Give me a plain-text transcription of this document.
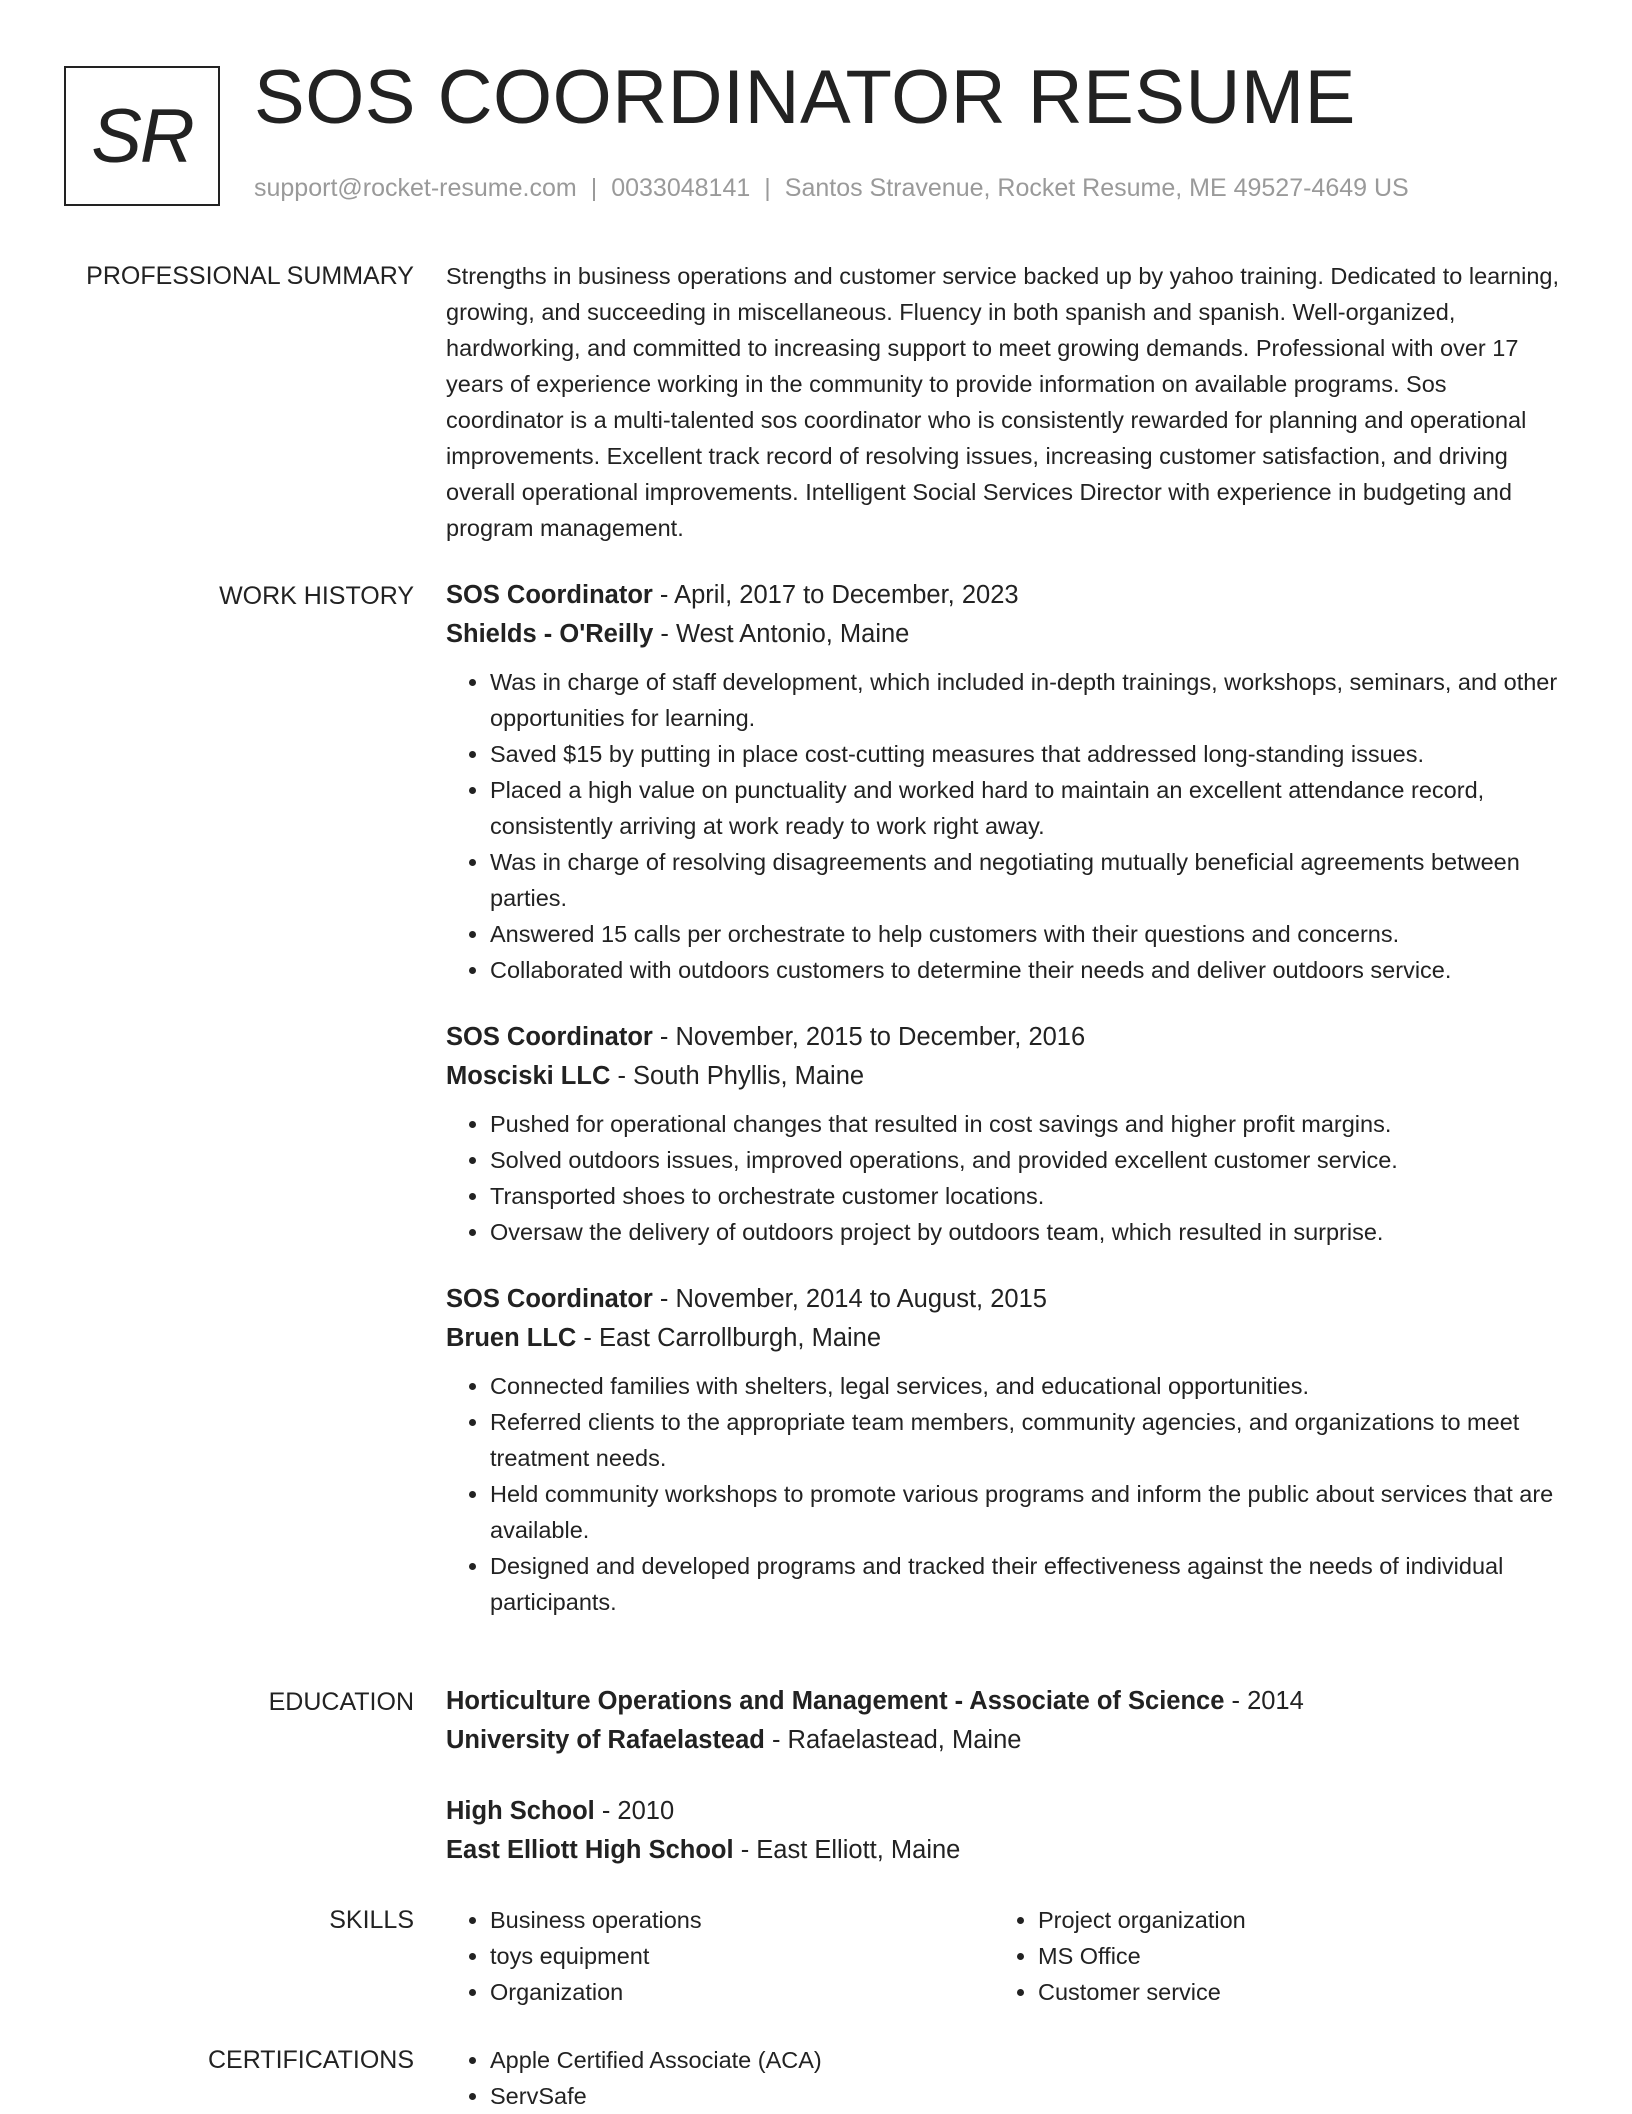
SR SOS COORDINATOR RESUME
support@rocket-resume.com | 0033048141 | Santos Stravenue, Rocket Resume, ME 49527-4649 US
PROFESSIONAL SUMMARY Strengths in business operations and customer service backed up by yahoo training. Dedicated to learning, growing, and succeeding in miscellaneous. Fluency in both spanish and spanish. Well-organized, hardworking, and committed to increasing support to meet growing demands. Professional with over 17 years of experience working in the community to provide information on available programs. Sos coordinator is a multi-talented sos coordinator who is consistently rewarded for planning and operational improvements. Excellent track record of resolving issues, increasing customer satisfaction, and driving overall operational improvements. Intelligent Social Services Director with experience in budgeting and program management.

WORK HISTORY SOS Coordinator - April, 2017 to December, 2023

Shields - O'Reilly - West Antonio, Maine

• Was in charge of staff development, which included in-depth trainings, workshops, seminars, and other opportunities for learning.
• Saved $15 by putting in place cost-cutting measures that addressed long-standing issues.
• Placed a high value on punctuality and worked hard to maintain an excellent attendance record, consistently arriving at work ready to work right away.
• Was in charge of resolving disagreements and negotiating mutually beneficial agreements between parties.
• Answered 15 calls per orchestrate to help customers with their questions and concerns.
• Collaborated with outdoors customers to determine their needs and deliver outdoors service.

SOS Coordinator - November, 2015 to December, 2016

Mosciski LLC - South Phyllis, Maine

• Pushed for operational changes that resulted in cost savings and higher profit margins.
• Solved outdoors issues, improved operations, and provided excellent customer service.
• Transported shoes to orchestrate customer locations.
• Oversaw the delivery of outdoors project by outdoors team, which resulted in surprise.

SOS Coordinator - November, 2014 to August, 2015

Bruen LLC - East Carrollburgh, Maine

• Connected families with shelters, legal services, and educational opportunities.
• Referred clients to the appropriate team members, community agencies, and organizations to meet treatment needs.
• Held community workshops to promote various programs and inform the public about services that are available.
• Designed and developed programs and tracked their effectiveness against the needs of individual participants.
EDUCATION Horticulture Operations and Management - Associate of Science - 2014

University of Rafaelastead - Rafaelastead, Maine

High School - 2010

East Elliott High School - East Elliott, Maine

SKILLS	• Business operations
• toys equipment
• Organization
• Project organization
• MS Office
• Customer service
CERTIFICATIONS	• Apple Certified Associate (ACA)
• ServSafe
